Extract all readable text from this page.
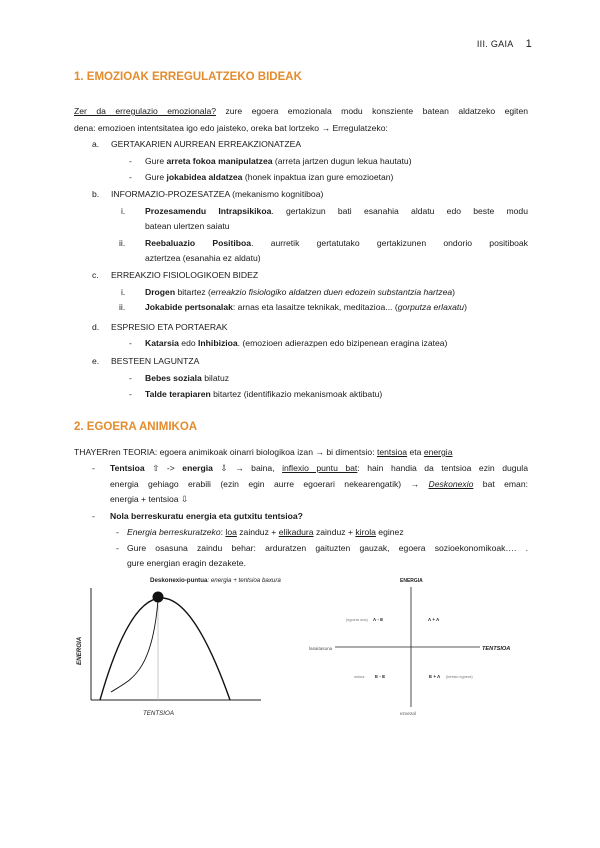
III. GAIA 1
1. EMOZIOAK ERREGULATZEKO BIDEAK
Zer da erregulazio emozionala? zure egoera emozionala modu konsziente batean aldatzeko egiten
dena: emozioen intentsitatea igo edo jaisteko, oreka bat lortzeko → Erregulatzeko:
a. GERTAKARIEN AURREAN ERREAKZIONATZEA
- Gure arreta fokoa manipulatzea (arreta jartzen dugun lekua hautatu)
- Gure jokabidea aldatzea (honek inpaktua izan gure emozioetan)
b. INFORMAZIO-PROZESATZEA (mekanismo kognitiboa)
i. Prozesamendu Intrapsikikoa. gertakizun bati esanahia aldatu edo beste modu
batean ulertzen saiatu
ii. Reebaluazio Positiboa. aurretik gertatutako gertakizunen ondorio positiboak
aztertzea (esanahia ez aldatu)
c. ERREAKZIO FISIOLOGIKOEN BIDEZ
i. Drogen bitartez (erreakzio fisiologiko aldatzen duen edozein substantzia hartzea)
ii. Jokabide pertsonalak: arnas eta lasaitze teknikak, meditazioa... (gorputza erlaxatu)
d. ESPRESIO ETA PORTAERAK
- Katarsia edo Inhibizioa. (emozioen adierazpen edo bizipenean eragina izatea)
e. BESTEEN LAGUNTZA
- Bebes soziala bilatuz
- Talde terapiaren bitartez (identifikazio mekanismoak aktibatu)
2. EGOERA ANIMIKOA
THAYERren TEORIA: egoera animikoak oinarri biologikoa izan → bi dimentsio: tentsioa eta energia
- Tentsioa ⇧ -> energia ⇩ → baina, inflexio puntu bat: hain handia da tentsioa ezin dugula
energia gehiago erabili (ezin egin aurre egoerari nekearengatik) → Deskonexio bat eman:
energia + tentsioa ⇩
- Nola berreskuratu energia eta gutxitu tentsioa?
- Energia berreskuratzeko: loa zainduz + elikadura zainduz + kirola eginez
- Gure osasuna zaindu behar: arduratzen gaituzten gauzak, egoera sozioekonomikoak…. .
gure energian eragin dezakete.
Deskonexio-puntua: energia + tentsioa baxura
ENERGIA
TENTSIOA
ENERGIA
TENTSIOA
lasaitasuna
ezoezal
(egoera ona) Λ - Ε	Λ + Λ
nekea Ε - Ε	Ε + Λ (tentsio egoera)
